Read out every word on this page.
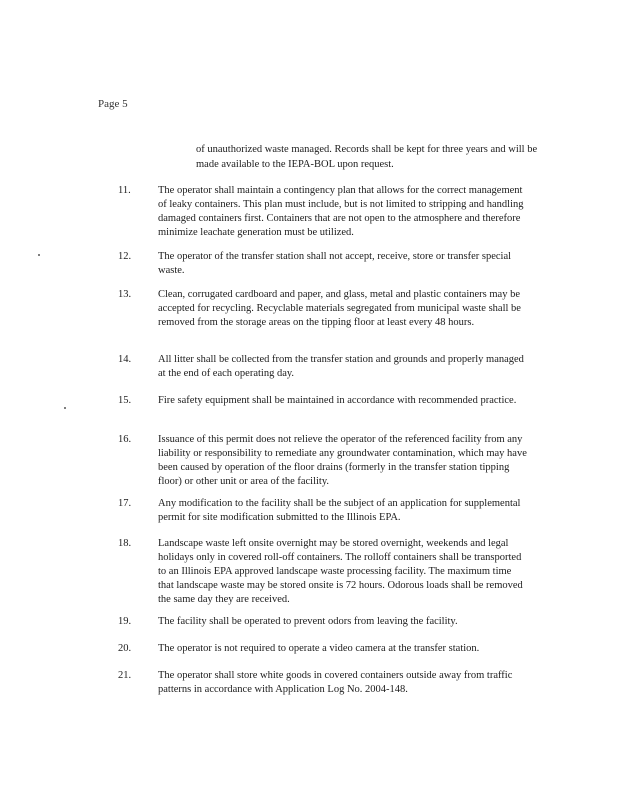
Page 5
of unauthorized waste managed. Records shall be kept for three years and will be made available to the IEPA-BOL upon request.
11.	The operator shall maintain a contingency plan that allows for the correct management of leaky containers. This plan must include, but is not limited to stripping and handling damaged containers first. Containers that are not open to the atmosphere and therefore minimize leachate generation must be utilized.
12.	The operator of the transfer station shall not accept, receive, store or transfer special waste.
13.	Clean, corrugated cardboard and paper, and glass, metal and plastic containers may be accepted for recycling. Recyclable materials segregated from municipal waste shall be removed from the storage areas on the tipping floor at least every 48 hours.
14.	All litter shall be collected from the transfer station and grounds and properly managed at the end of each operating day.
15.	Fire safety equipment shall be maintained in accordance with recommended practice.
16.	Issuance of this permit does not relieve the operator of the referenced facility from any liability or responsibility to remediate any groundwater contamination, which may have been caused by operation of the floor drains (formerly in the transfer station tipping floor) or other unit or area of the facility.
17.	Any modification to the facility shall be the subject of an application for supplemental permit for site modification submitted to the Illinois EPA.
18.	Landscape waste left onsite overnight may be stored overnight, weekends and legal holidays only in covered roll-off containers. The rolloff containers shall be transported to an Illinois EPA approved landscape waste processing facility. The maximum time that landscape waste may be stored onsite is 72 hours. Odorous loads shall be removed the same day they are received.
19.	The facility shall be operated to prevent odors from leaving the facility.
20.	The operator is not required to operate a video camera at the transfer station.
21.	The operator shall store white goods in covered containers outside away from traffic patterns in accordance with Application Log No. 2004-148.
